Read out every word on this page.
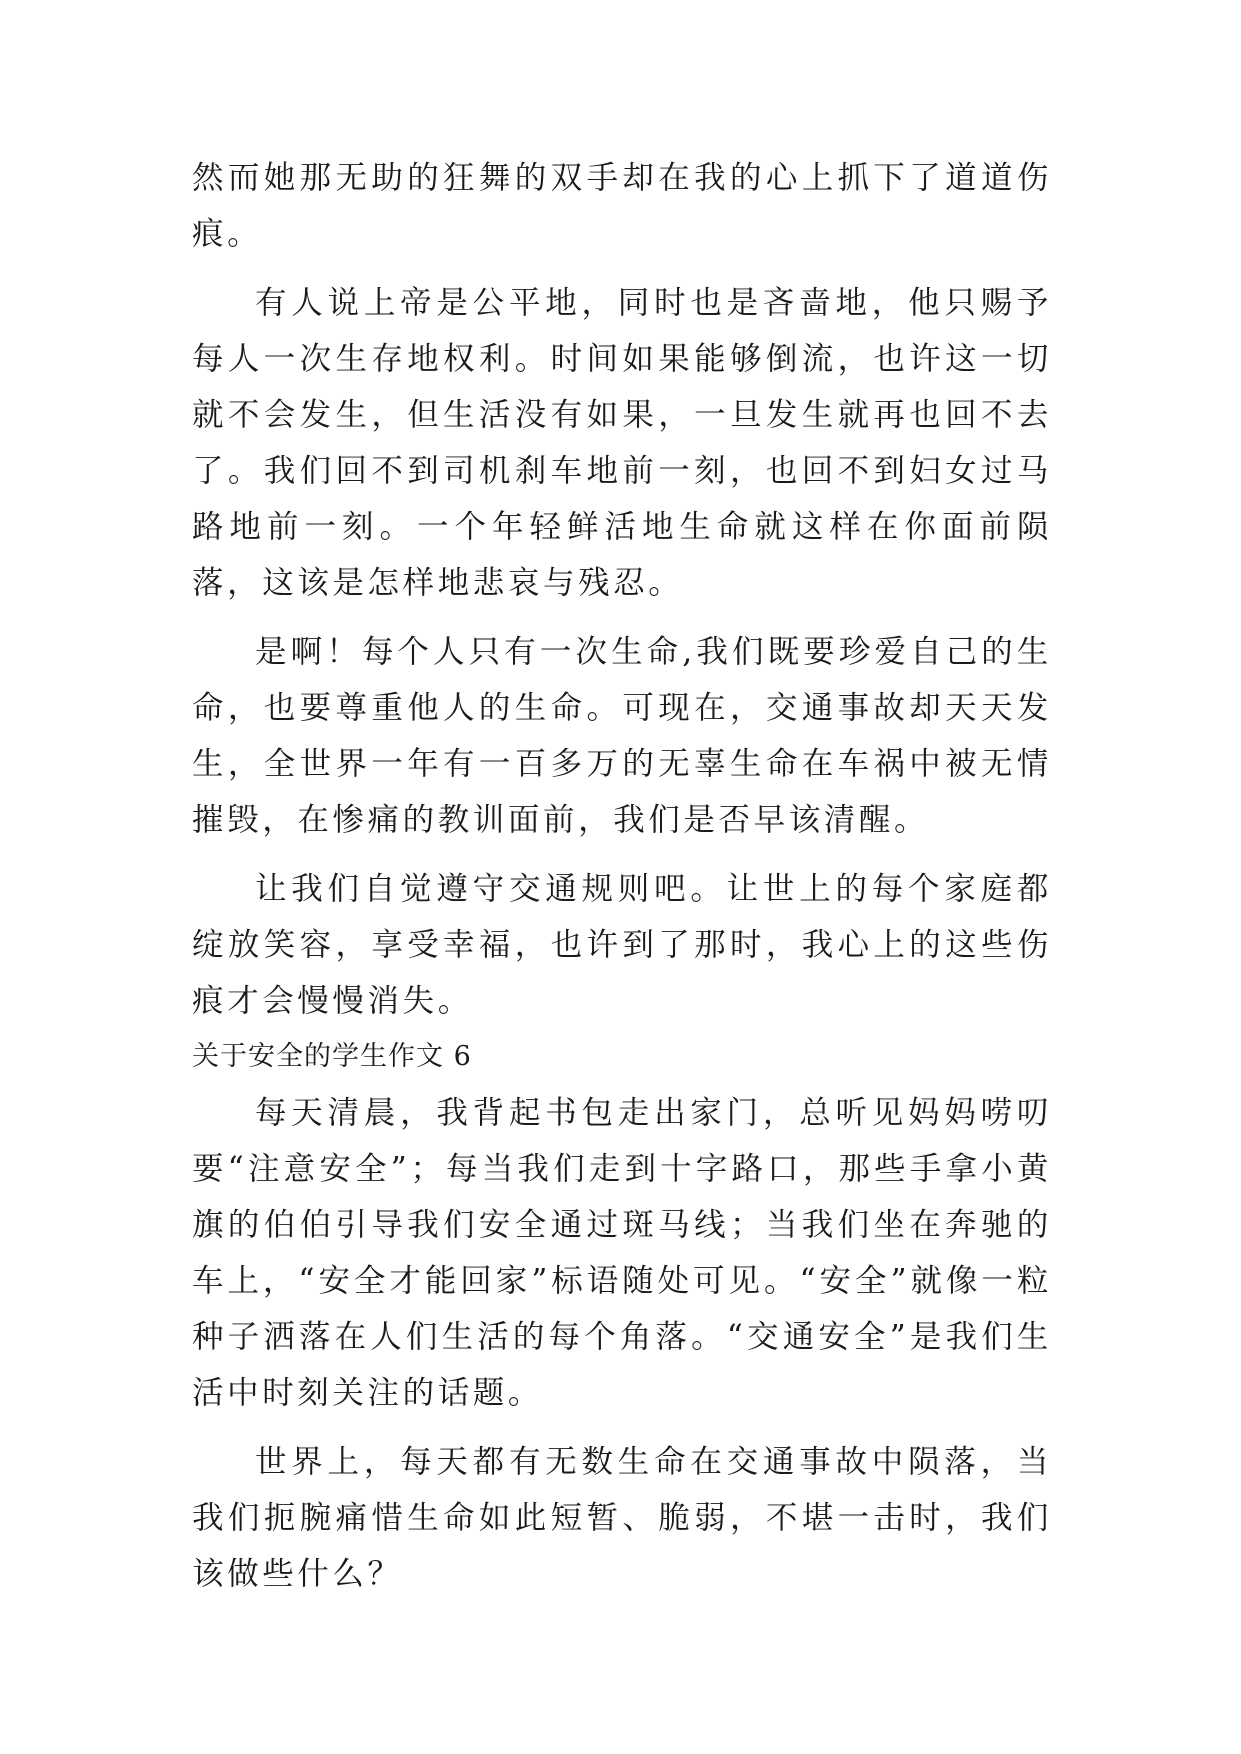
然而她那无助的狂舞的双手却在我的心上抓下了道道伤痕。

有人说上帝是公平地，同时也是吝啬地，他只赐予每人一次生存地权利。时间如果能够倒流，也许这一切就不会发生，但生活没有如果，一旦发生就再也回不去了。我们回不到司机刹车地前一刻，也回不到妇女过马路地前一刻。一个年轻鲜活地生命就这样在你面前陨落，这该是怎样地悲哀与残忍。

是啊！每个人只有一次生命,我们既要珍爱自己的生命，也要尊重他人的生命。可现在，交通事故却天天发生，全世界一年有一百多万的无辜生命在车祸中被无情摧毁，在惨痛的教训面前，我们是否早该清醒。

让我们自觉遵守交通规则吧。让世上的每个家庭都绽放笑容，享受幸福，也许到了那时，我心上的这些伤痕才会慢慢消失。

关于安全的学生作文 6

每天清晨，我背起书包走出家门，总听见妈妈唠叨要“注意安全”；每当我们走到十字路口，那些手拿小黄旗的伯伯引导我们安全通过斑马线；当我们坐在奔驰的车上，“安全才能回家”标语随处可见。“安全”就像一粒种子洒落在人们生活的每个角落。“交通安全”是我们生活中时刻关注的话题。

世界上，每天都有无数生命在交通事故中陨落，当我们扼腕痛惜生命如此短暂、脆弱，不堪一击时，我们该做些什么？
